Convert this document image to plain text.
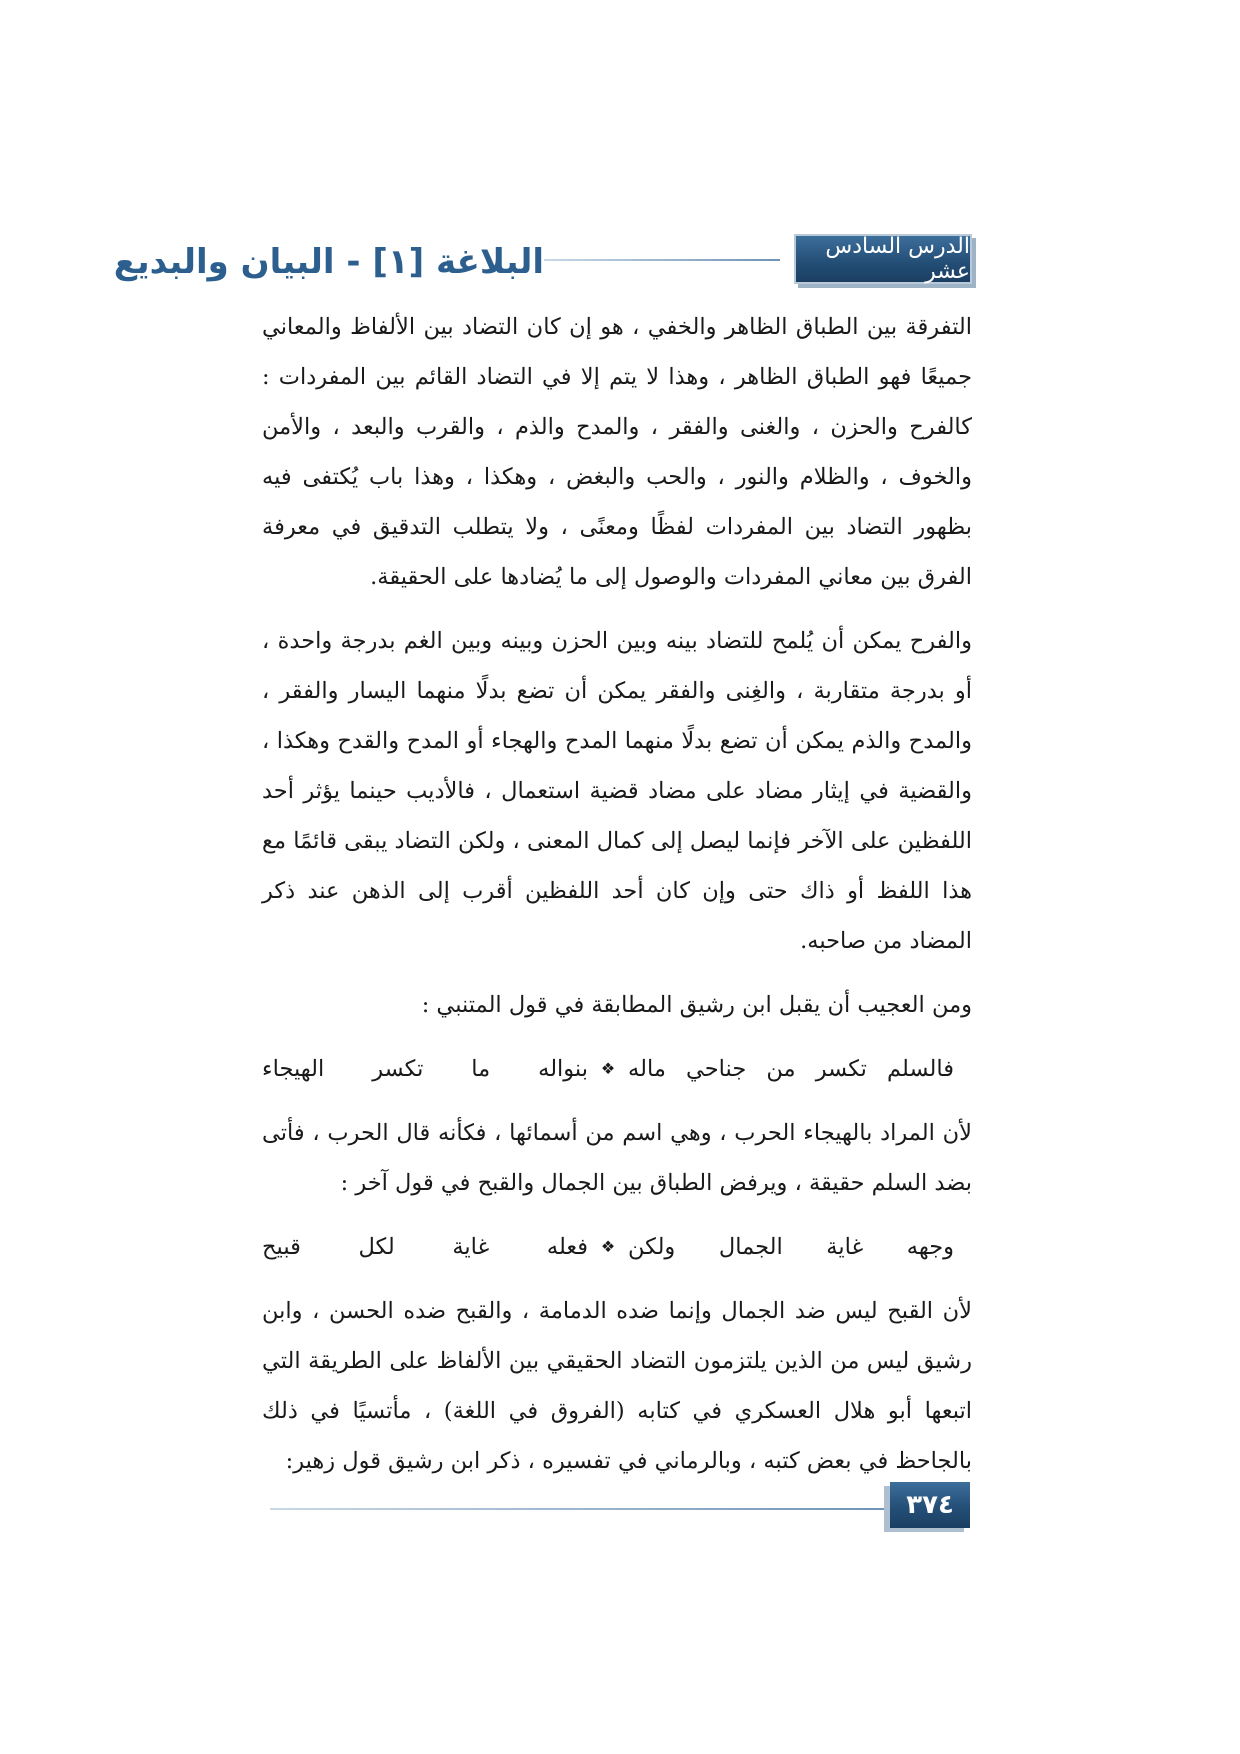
الدرس السادس عشر
البلاغة [١] - البيان والبديع

التفرقة بين الطباق الظاهر والخفي ، هو إن كان التضاد بين الألفاظ والمعاني جميعًا فهو الطباق الظاهر ، وهذا لا يتم إلا في التضاد القائم بين المفردات : كالفرح والحزن ، والغنى والفقر ، والمدح والذم ، والقرب والبعد ، والأمن والخوف ، والظلام والنور ، والحب والبغض ، وهكذا ، وهذا باب يُكتفى فيه بظهور التضاد بين المفردات لفظًا ومعنًى ، ولا يتطلب التدقيق في معرفة الفرق بين معاني المفردات والوصول إلى ما يُضادها على الحقيقة.

والفرح يمكن أن يُلمح للتضاد بينه وبين الحزن وبينه وبين الغم بدرجة واحدة ، أو بدرجة متقاربة ، والغِنى والفقر يمكن أن تضع بدلًا منهما اليسار والفقر ، والمدح والذم يمكن أن تضع بدلًا منهما المدح والهجاء أو المدح والقدح وهكذا ، والقضية في إيثار مضاد على مضاد قضية استعمال ، فالأديب حينما يؤثر أحد اللفظين على الآخر فإنما ليصل إلى كمال المعنى ، ولكن التضاد يبقى قائمًا مع هذا اللفظ أو ذاك حتى وإن كان أحد اللفظين أقرب إلى الذهن عند ذكر المضاد من صاحبه.

ومن العجيب أن يقبل ابن رشيق المطابقة في قول المتنبي :

فالسلم
تكسر
من
جناحي
ماله
❖
بنواله
ما
تكسر
الهيجاء

لأن المراد بالهيجاء الحرب ، وهي اسم من أسمائها ، فكأنه قال الحرب ، فأتى بضد السلم حقيقة ، ويرفض الطباق بين الجمال والقبح في قول آخر :

وجهه
غاية
الجمال
ولكن
❖
فعله
غاية
لكل
قبيح

لأن القبح ليس ضد الجمال وإنما ضده الدمامة ، والقبح ضده الحسن ، وابن رشيق ليس من الذين يلتزمون التضاد الحقيقي بين الألفاظ على الطريقة التي اتبعها أبو هلال العسكري في كتابه (الفروق في اللغة) ، مأتسيًا في ذلك بالجاحظ في بعض كتبه ، وبالرماني في تفسيره ، ذكر ابن رشيق قول زهير:

٣٧٤
